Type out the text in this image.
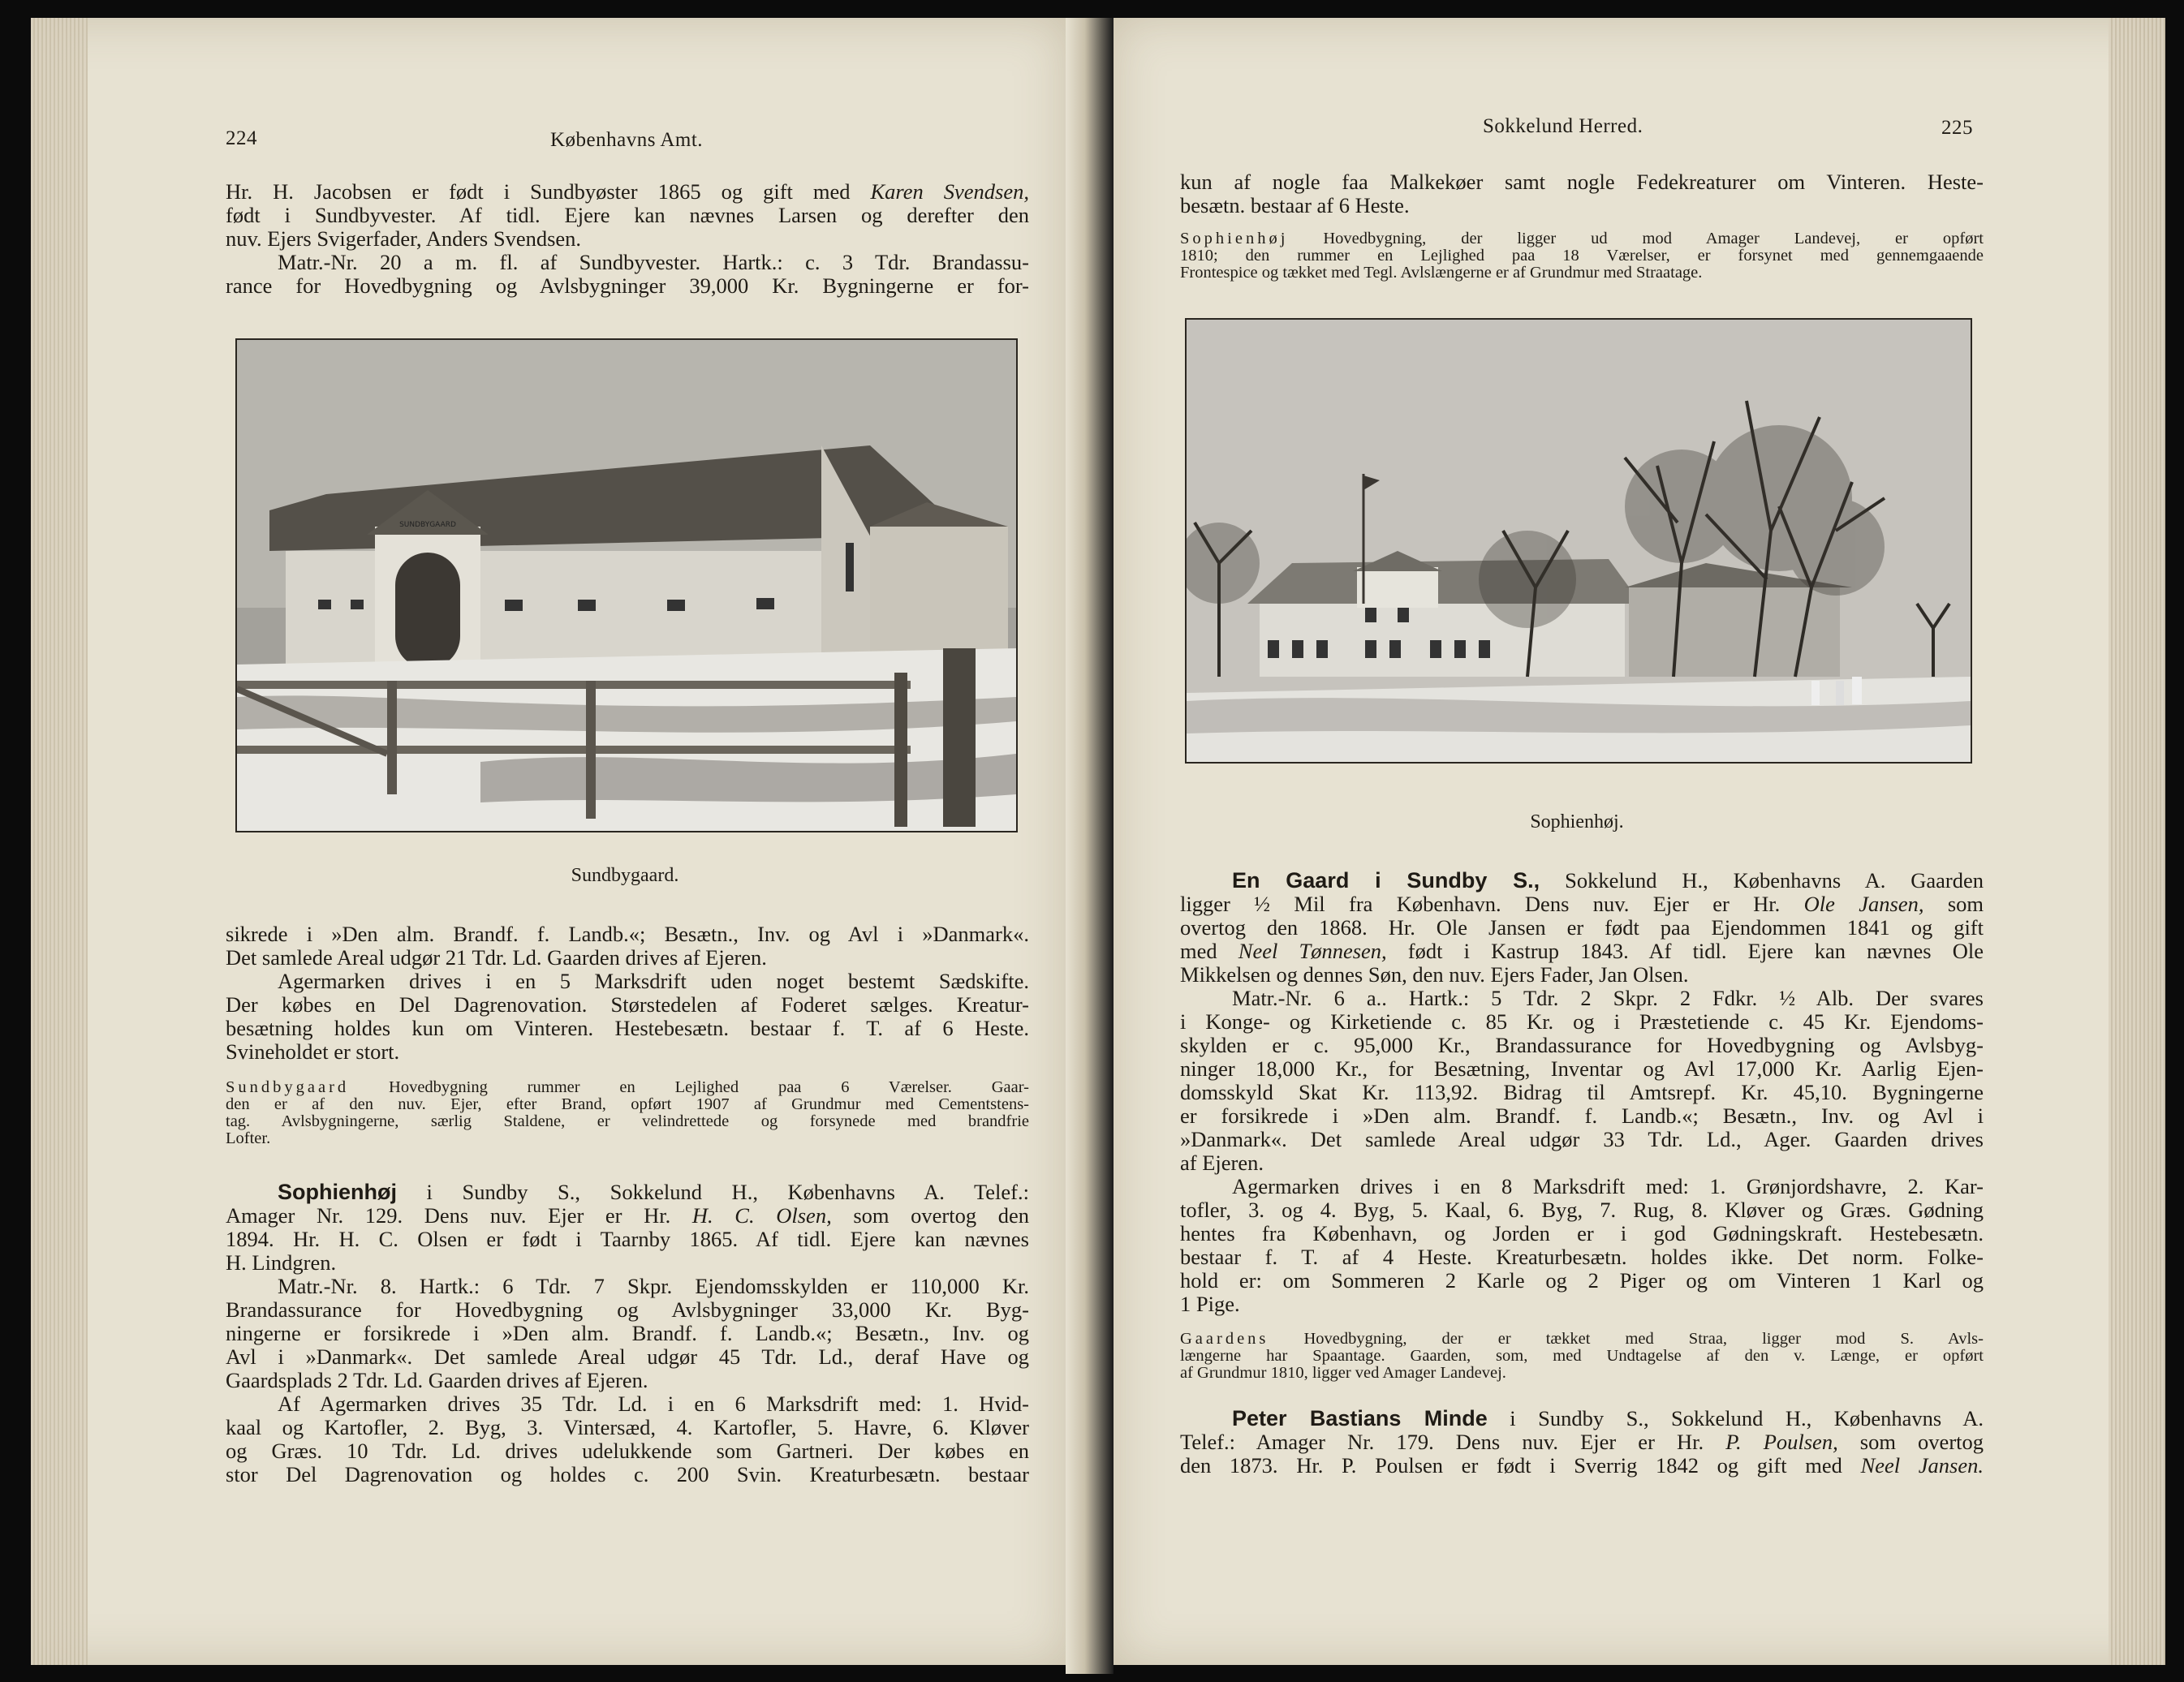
224	Københavns Amt.

Hr. H. Jacobsen er født i Sundbyøster 1865 og gift med Karen Svendsen,

født i Sundbyvester. Af tidl. Ejere kan nævnes Larsen og derefter den

nuv. Ejers Svigerfader, Anders Svendsen.

Matr.-Nr. 20 a m. fl. af Sundbyvester. Hartk.: c. 3 Tdr. Brandassu-

rance for Hovedbygning og Avlsbygninger 39,000 Kr. Bygningerne er for-

SUNDBYGAARD
Sundbygaard.

sikrede i »Den alm. Brandf. f. Landb.«; Besætn., Inv. og Avl i »Danmark«.

Det samlede Areal udgør 21 Tdr. Ld. Gaarden drives af Ejeren.

Agermarken drives i en 5 Marksdrift uden noget bestemt Sædskifte.

Der købes en Del Dagrenovation. Størstedelen af Foderet sælges. Kreatur-

besætning holdes kun om Vinteren. Hestebesætn. bestaar f. T. af 6 Heste.

Svineholdet er stort.

Sundbygaard Hovedbygning rummer en Lejlighed paa 6 Værelser. Gaar-

den er af den nuv. Ejer, efter Brand, opført 1907 af Grundmur med Cementstens-

tag. Avlsbygningerne, særlig Staldene, er velindrettede og forsynede med brandfrie

Lofter.

Sophienhøj i Sundby S., Sokkelund H., Københavns A. Telef.:

Amager Nr. 129. Dens nuv. Ejer er Hr. H. C. Olsen, som overtog den

1894. Hr. H. C. Olsen er født i Taarnby 1865. Af tidl. Ejere kan nævnes

H. Lindgren.

Matr.-Nr. 8. Hartk.: 6 Tdr. 7 Skpr. Ejendomsskylden er 110,000 Kr.

Brandassurance for Hovedbygning og Avlsbygninger 33,000 Kr. Byg-

ningerne er forsikrede i »Den alm. Brandf. f. Landb.«; Besætn., Inv. og

Avl i »Danmark«. Det samlede Areal udgør 45 Tdr. Ld., deraf Have og

Gaardsplads 2 Tdr. Ld. Gaarden drives af Ejeren.

Af Agermarken drives 35 Tdr. Ld. i en 6 Marksdrift med: 1. Hvid-

kaal og Kartofler, 2. Byg, 3. Vintersæd, 4. Kartofler, 5. Havre, 6. Kløver

og Græs. 10 Tdr. Ld. drives udelukkende som Gartneri. Der købes en

stor Del Dagrenovation og holdes c. 200 Svin. Kreaturbesætn. bestaar

Sokkelund Herred.	225

kun af nogle faa Malkekøer samt nogle Fedekreaturer om Vinteren. Heste-

besætn. bestaar af 6 Heste.

Sophienhøj Hovedbygning, der ligger ud mod Amager Landevej, er opført

1810; den rummer en Lejlighed paa 18 Værelser, er forsynet med gennemgaaende

Frontespice og tækket med Tegl. Avlslængerne er af Grundmur med Straatage.

Sophienhøj.

En Gaard i Sundby S., Sokkelund H., Københavns A. Gaarden

ligger ½ Mil fra København. Dens nuv. Ejer er Hr. Ole Jansen, som

overtog den 1868. Hr. Ole Jansen er født paa Ejendommen 1841 og gift

med Neel Tønnesen, født i Kastrup 1843. Af tidl. Ejere kan nævnes Ole

Mikkelsen og dennes Søn, den nuv. Ejers Fader, Jan Olsen.

Matr.-Nr. 6 a.. Hartk.: 5 Tdr. 2 Skpr. 2 Fdkr. ½ Alb. Der svares

i Konge- og Kirketiende c. 85 Kr. og i Præstetiende c. 45 Kr. Ejendoms-

skylden er c. 95,000 Kr., Brandassurance for Hovedbygning og Avlsbyg-

ninger 18,000 Kr., for Besætning, Inventar og Avl 17,000 Kr. Aarlig Ejen-

domsskyld Skat Kr. 113,92. Bidrag til Amtsrepf. Kr. 45,10. Bygningerne

er forsikrede i »Den alm. Brandf. f. Landb.«; Besætn., Inv. og Avl i

»Danmark«. Det samlede Areal udgør 33 Tdr. Ld., Ager. Gaarden drives

af Ejeren.

Agermarken drives i en 8 Marksdrift med: 1. Grønjordshavre, 2. Kar-

tofler, 3. og 4. Byg, 5. Kaal, 6. Byg, 7. Rug, 8. Kløver og Græs. Gødning

hentes fra København, og Jorden er i god Gødningskraft. Hestebesætn.

bestaar f. T. af 4 Heste. Kreaturbesætn. holdes ikke. Det norm. Folke-

hold er: om Sommeren 2 Karle og 2 Piger og om Vinteren 1 Karl og

1 Pige.

Gaardens Hovedbygning, der er tækket med Straa, ligger mod S. Avls-

længerne har Spaantage. Gaarden, som, med Undtagelse af den v. Længe, er opført

af Grundmur 1810, ligger ved Amager Landevej.

Peter Bastians Minde i Sundby S., Sokkelund H., Københavns A.

Telef.: Amager Nr. 179. Dens nuv. Ejer er Hr. P. Poulsen, som overtog

den 1873. Hr. P. Poulsen er født i Sverrig 1842 og gift med Neel Jansen.
